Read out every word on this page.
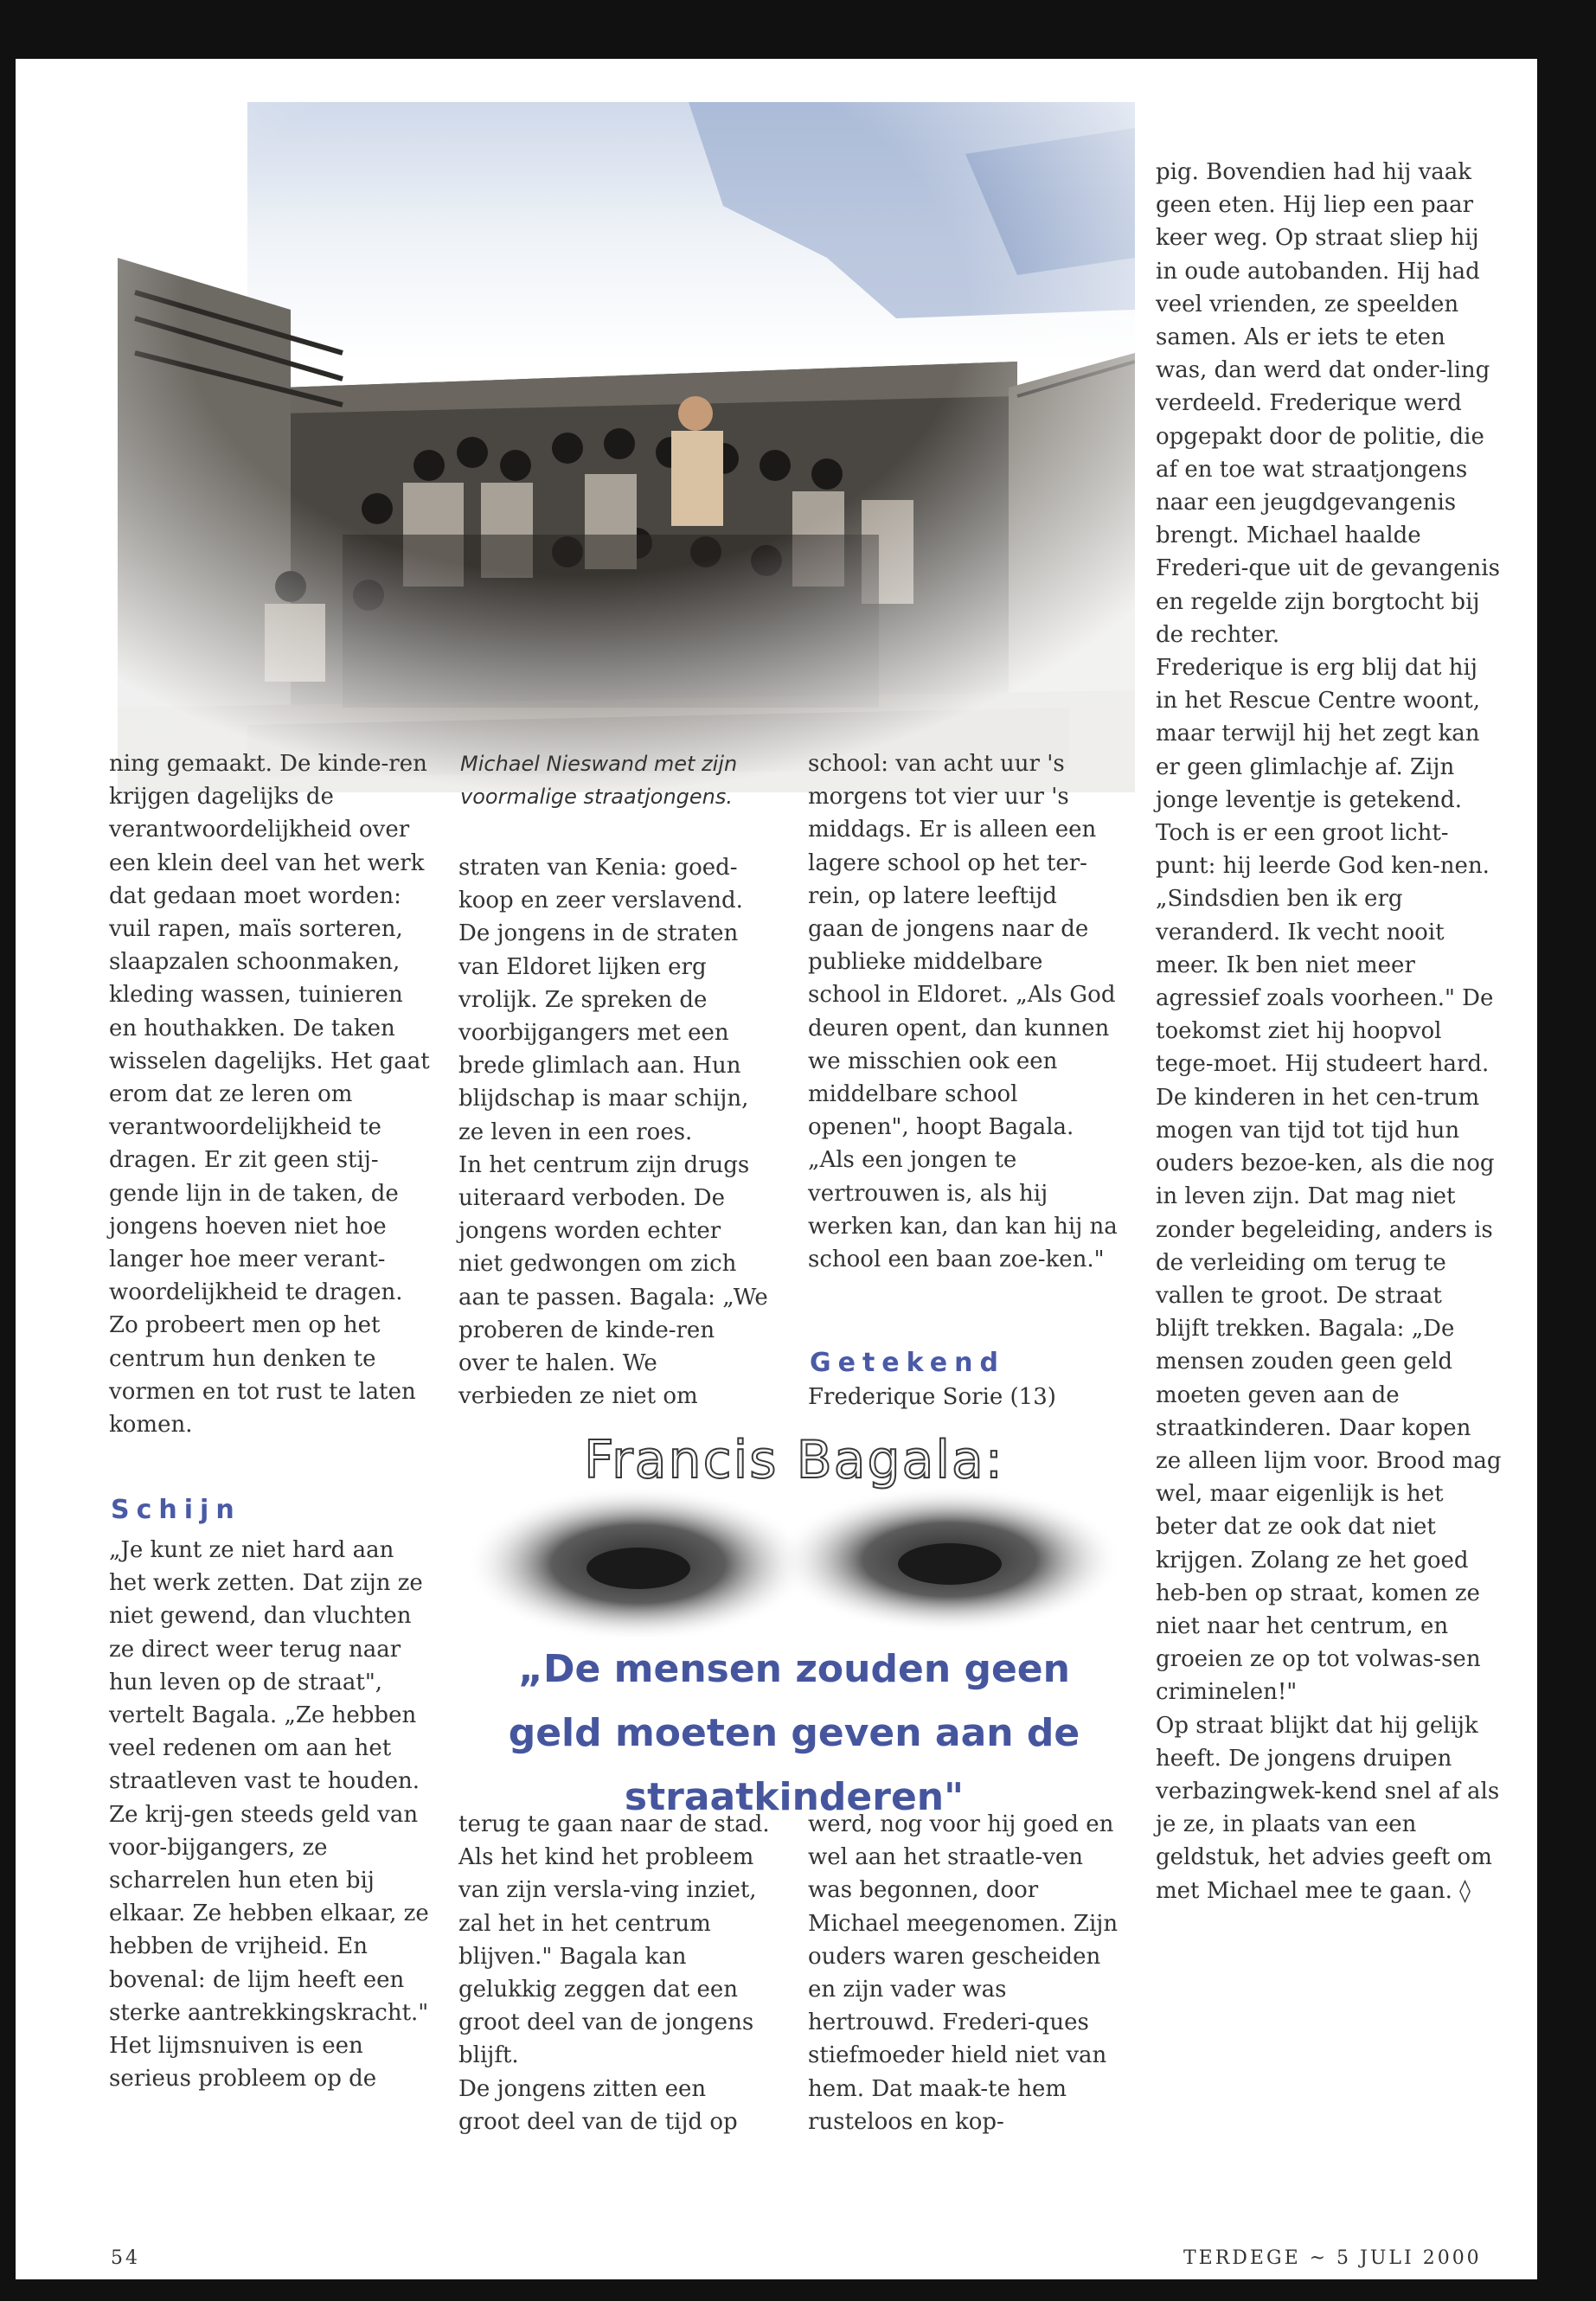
ning gemaakt. De kinde-ren krijgen dagelijks de verantwoordelijkheid over een klein deel van het werk dat gedaan moet worden: vuil rapen, maïs sorteren, slaapzalen schoonmaken, kleding wassen, tuinieren en houthakken. De taken wisselen dagelijks. Het gaat erom dat ze leren om verantwoordelijkheid te dragen. Er zit geen stij-gende lijn in de taken, de jongens hoeven niet hoe langer hoe meer verant-woordelijkheid te dragen. Zo probeert men op het centrum hun denken te vormen en tot rust te laten komen.

Schijn

„Je kunt ze niet hard aan het werk zetten. Dat zijn ze niet gewend, dan vluchten ze direct weer terug naar hun leven op de straat", vertelt Bagala. „Ze hebben veel redenen om aan het straatleven vast te houden. Ze krij-gen steeds geld van voor-bijgangers, ze scharrelen hun eten bij elkaar. Ze hebben elkaar, ze hebben de vrijheid. En bovenal: de lijm heeft een sterke aantrekkingskracht."

Het lijmsnuiven is een serieus probleem op de

Michael Nieswand met zijn
voormalige straatjongens.

straten van Kenia: goed-koop en zeer verslavend. De jongens in de straten van Eldoret lijken erg vrolijk. Ze spreken de voorbijgangers met een brede glimlach aan. Hun blijdschap is maar schijn, ze leven in een roes.

In het centrum zijn drugs uiteraard verboden. De jongens worden echter niet gedwongen om zich aan te passen. Bagala: „We proberen de kinde-ren over te halen. We verbieden ze niet om

terug te gaan naar de stad. Als het kind het probleem van zijn versla-ving inziet, zal het in het centrum blijven." Bagala kan gelukkig zeggen dat een groot deel van de jongens blijft.

De jongens zitten een groot deel van de tijd op

school: van acht uur 's morgens tot vier uur 's middags. Er is alleen een lagere school op het ter-rein, op latere leeftijd gaan de jongens naar de publieke middelbare school in Eldoret. „Als God deuren opent, dan kunnen we misschien ook een middelbare school openen", hoopt Bagala. „Als een jongen te vertrouwen is, als hij werken kan, dan kan hij na school een baan zoe-ken."

Getekend

Frederique Sorie (13)

werd, nog voor hij goed en wel aan het straatle-ven was begonnen, door Michael meegenomen. Zijn ouders waren gescheiden en zijn vader was hertrouwd. Frederi-ques stiefmoeder hield niet van hem. Dat maak-te hem rusteloos en kop-

pig. Bovendien had hij vaak geen eten. Hij liep een paar keer weg. Op straat sliep hij in oude autobanden. Hij had veel vrienden, ze speelden samen. Als er iets te eten was, dan werd dat onder-ling verdeeld. Frederique werd opgepakt door de politie, die af en toe wat straatjongens naar een jeugdgevangenis brengt. Michael haalde Frederi-que uit de gevangenis en regelde zijn borgtocht bij de rechter.

Frederique is erg blij dat hij in het Rescue Centre woont, maar terwijl hij het zegt kan er geen glimlachje af. Zijn jonge leventje is getekend. Toch is er een groot licht-punt: hij leerde God ken-nen. „Sindsdien ben ik erg veranderd. Ik vecht nooit meer. Ik ben niet meer agressief zoals voorheen." De toekomst ziet hij hoopvol tege-moet. Hij studeert hard. De kinderen in het cen-trum mogen van tijd tot tijd hun ouders bezoe-ken, als die nog in leven zijn. Dat mag niet zonder begeleiding, anders is de verleiding om terug te vallen te groot. De straat blijft trekken. Bagala: „De mensen zouden geen geld moeten geven aan de straatkinderen. Daar kopen ze alleen lijm voor. Brood mag wel, maar eigenlijk is het beter dat ze ook dat niet krijgen. Zolang ze het goed heb-ben op straat, komen ze niet naar het centrum, en groeien ze op tot volwas-sen criminelen!"

Op straat blijkt dat hij gelijk heeft. De jongens druipen verbazingwek-kend snel af als je ze, in plaats van een geldstuk, het advies geeft om met Michael mee te gaan. ◊

Francis Bagala:

„De mensen zouden geen geld moeten geven aan de straatkinderen"

54	TERDEGE ~ 5 JULI 2000
